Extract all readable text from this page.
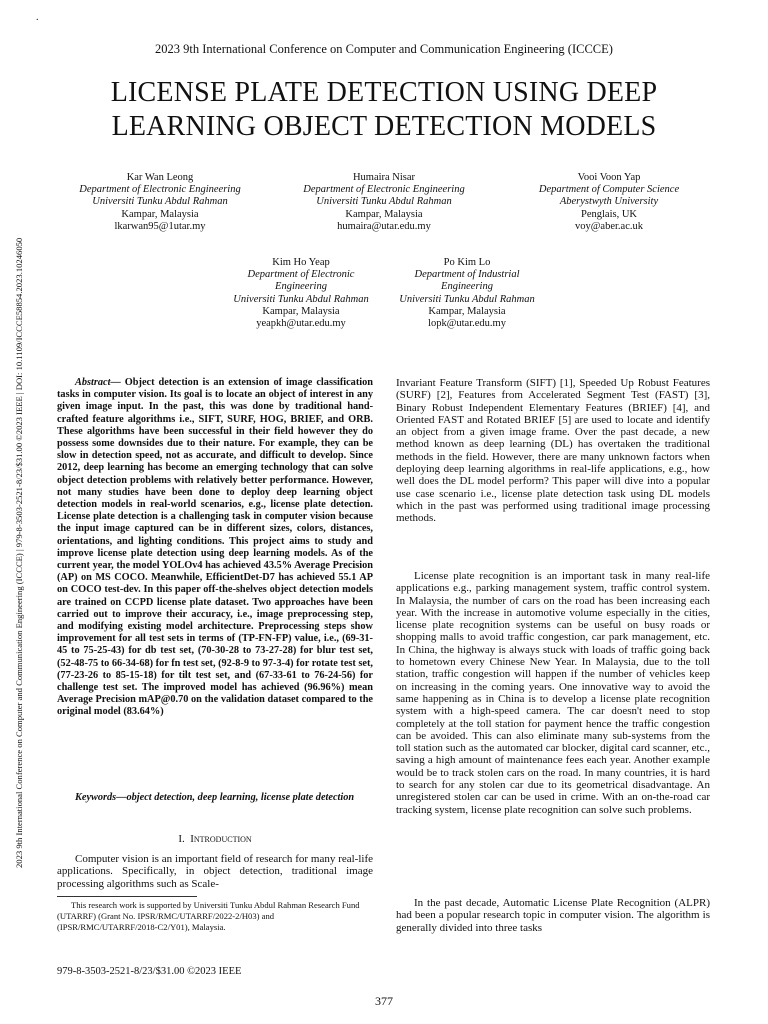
.
2023 9th International Conference on Computer and Communication Engineering (ICCCE)
LICENSE PLATE DETECTION USING DEEP
LEARNING OBJECT DETECTION MODELS
2023 9th International Conference on Computer and Communication Engineering (ICCCE) | 979-8-3503-2521-8/23/$31.00 ©2023 IEEE | DOI: 10.1109/ICCCE58854.2023.10246050
Kar Wan Leong
Department of Electronic Engineering
Universiti Tunku Abdul Rahman
Kampar, Malaysia
lkarwan95@1utar.my
Humaira Nisar
Department of Electronic Engineering
Universiti Tunku Abdul Rahman
Kampar, Malaysia
humaira@utar.edu.my
Vooi Voon Yap
Department of Computer Science
Aberystwyth University
Penglais, UK
voy@aber.ac.uk
Kim Ho Yeap
Department of Electronic
Engineering
Universiti Tunku Abdul Rahman
Kampar, Malaysia
yeapkh@utar.edu.my
Po Kim Lo
Department of Industrial
Engineering
Universiti Tunku Abdul Rahman
Kampar, Malaysia
lopk@utar.edu.my
Abstract— Object detection is an extension of image classification tasks in computer vision. Its goal is to locate an object of interest in any given image input. In the past, this was done by traditional hand-crafted feature algorithms i.e., SIFT, SURF, HOG, BRIEF, and ORB. These algorithms have been successful in their field however they do possess some downsides due to their nature. For example, they can be slow in detection speed, not as accurate, and difficult to develop. Since 2012, deep learning has become an emerging technology that can solve object detection problems with relatively better performance. However, not many studies have been done to deploy deep learning object detection models in real-world scenarios, e.g., license plate detection. License plate detection is a challenging task in computer vision because the input image captured can be in different sizes, colors, distances, orientations, and lighting conditions. This project aims to study and improve license plate detection using deep learning models. As of the current year, the model YOLOv4 has achieved 43.5% Average Precision (AP) on MS COCO. Meanwhile, EfficientDet-D7 has achieved 55.1 AP on COCO test-dev. In this paper off-the-shelves object detection models are trained on CCPD license plate dataset. Two approaches have been carried out to improve their accuracy, i.e., image preprocessing step, and modifying existing model architecture. Preprocessing steps show improvement for all test sets in terms of (TP-FN-FP) value, i.e., (69-31-45 to 75-25-43) for db test set, (70-30-28 to 73-27-28) for blur test set, (52-48-75 to 66-34-68) for fn test set, (92-8-9 to 97-3-4) for rotate test set, (77-23-26 to 85-15-18) for tilt test set, and (67-33-61 to 76-24-56) for challenge test set. The improved model has achieved (96.96%) mean Average Precision mAP@0.70 on the validation dataset compared to the original model (83.64%)
Keywords—object detection, deep learning, license plate detection
I. Introduction
Computer vision is an important field of research for many real-life applications. Specifically, in object detection, traditional image processing algorithms such as Scale-
This research work is supported by Universiti Tunku Abdul Rahman Research Fund (UTARRF) (Grant No. IPSR/RMC/UTARRF/2022-2/H03) and (IPSR/RMC/UTARRF/2018-C2/Y01), Malaysia.
Invariant Feature Transform (SIFT) [1], Speeded Up Robust Features (SURF) [2], Features from Accelerated Segment Test (FAST) [3], Binary Robust Independent Elementary Features (BRIEF) [4], and Oriented FAST and Rotated BRIEF [5] are used to locate and identify an object from a given image frame. Over the past decade, a new method known as deep learning (DL) has overtaken the traditional methods in the field. However, there are many unknown factors when deploying deep learning algorithms in real-life applications, e.g., how well does the DL model perform? This paper will dive into a popular use case scenario i.e., license plate detection task using DL models which in the past was performed using traditional image processing methods.
License plate recognition is an important task in many real-life applications e.g., parking management system, traffic control system. In Malaysia, the number of cars on the road has been increasing each year. With the increase in automotive volume especially in the cities, license plate recognition systems can be useful on busy roads or shopping malls to avoid traffic congestion, car park management, etc. In China, the highway is always stuck with loads of traffic going back to hometown every Chinese New Year. In Malaysia, due to the toll station, traffic congestion will happen if the number of vehicles keep on increasing in the coming years. One innovative way to avoid the same happening as in China is to develop a license plate recognition system with a high-speed camera. The car doesn't need to stop completely at the toll station for payment hence the traffic congestion can be avoided. This can also eliminate many sub-systems from the toll station such as the automated car blocker, digital card scanner, etc., saving a high amount of maintenance fees each year. Another example would be to track stolen cars on the road. In many countries, it is hard to search for any stolen car due to its geometrical disadvantage. An unregistered stolen car can be used in crime. With an on-the-road car tracking system, license plate recognition can solve such problems.
In the past decade, Automatic License Plate Recognition (ALPR) had been a popular research topic in computer vision. The algorithm is generally divided into three tasks
979-8-3503-2521-8/23/$31.00 ©2023 IEEE
377
